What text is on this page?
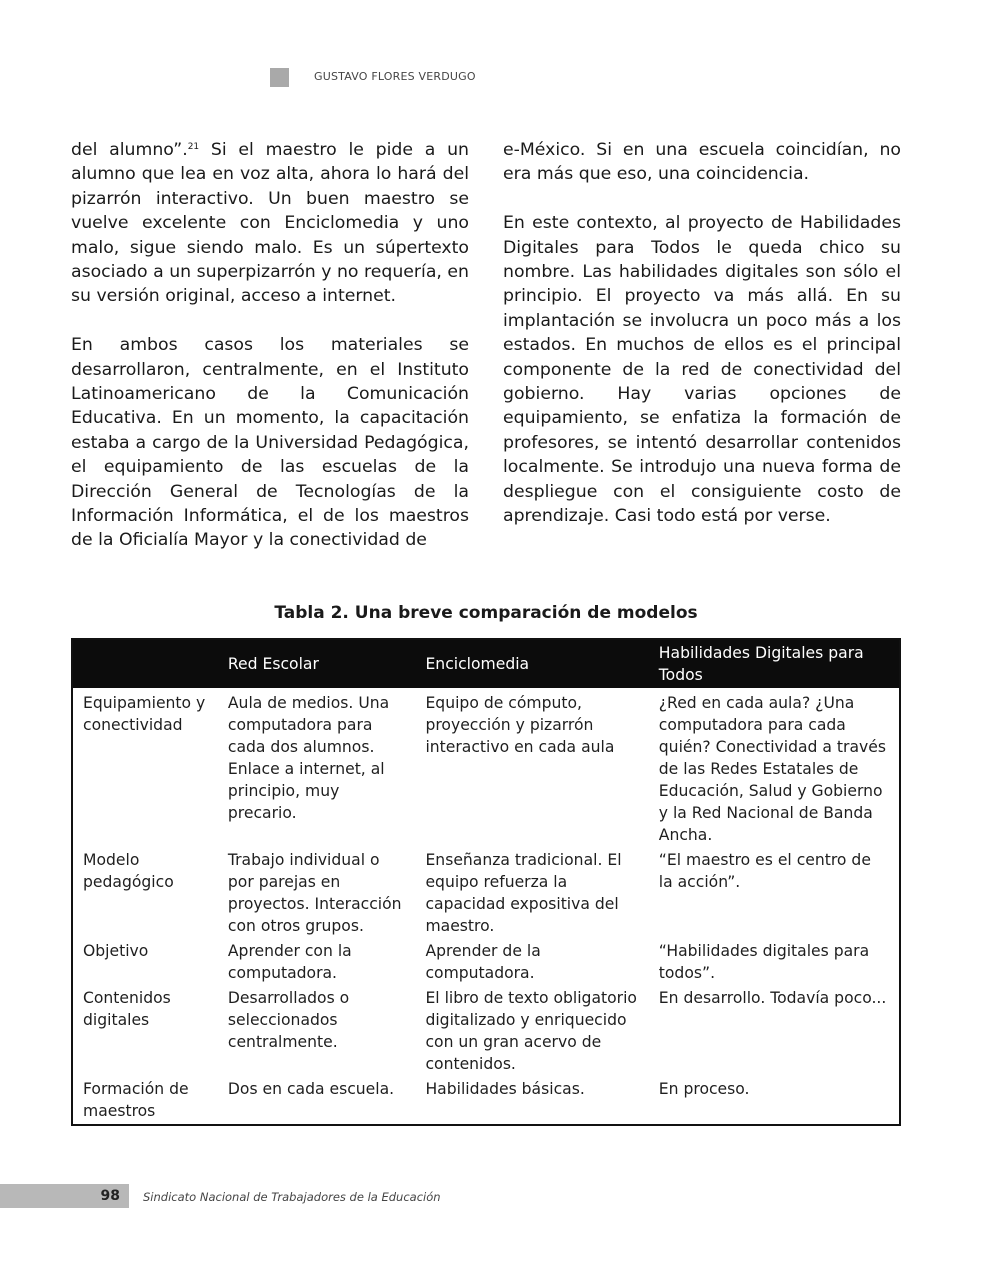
GUSTAVO FLORES VERDUGO

del alumno”.$^{21}$ Si el maestro le pide a un alumno que lea en voz alta, ahora lo hará del pizarrón interactivo. Un buen maestro se vuelve excelente con Enciclomedia y uno malo, sigue siendo malo. Es un súpertexto asociado a un superpizarrón y no requería, en su versión original, acceso a internet.

En ambos casos los materiales se desarrollaron, centralmente, en el Instituto Latinoamericano de la Comunicación Educativa. En un momento, la capacitación estaba a cargo de la Universidad Pedagógica, el equipamiento de las escuelas de la Dirección General de Tecnologías de la Información Informática, el de los maestros de la Oficialía Mayor y la conectividad de

e-México. Si en una escuela coincidían, no era más que eso, una coincidencia.

En este contexto, al proyecto de Habilidades Digitales para Todos le queda chico su nombre. Las habilidades digitales son sólo el principio. El proyecto va más allá. En su implantación se involucra un poco más a los estados. En muchos de ellos es el principal componente de la red de conectividad del gobierno. Hay varias opciones de equipamiento, se enfatiza la formación de profesores, se intentó desarrollar contenidos localmente. Se introdujo una nueva forma de despliegue con el consiguiente costo de aprendizaje. Casi todo está por verse.

Tabla 2. Una breve comparación de modelos
	Red Escolar	Enciclomedia	Habilidades Digitales para Todos
Equipamiento y conectividad	Aula de medios. Una computadora para cada dos alumnos. Enlace a internet, al principio, muy precario.	Equipo de cómputo, proyección y pizarrón interactivo en cada aula	¿Red en cada aula? ¿Una computadora para cada quién? Conectividad a través de las Redes Estatales de Educación, Salud y Gobierno y la Red Nacional de Banda Ancha.
Modelo pedagógico	Trabajo individual o por parejas en proyectos. Interacción con otros grupos.	Enseñanza tradicional. El equipo refuerza la capacidad expositiva del maestro.	“El maestro es el centro de la acción”.
Objetivo	Aprender con la computadora.	Aprender de la computadora.	“Habilidades digitales para todos”.
Contenidos digitales	Desarrollados o seleccionados centralmente.	El libro de texto obligatorio digitalizado y enriquecido con un gran acervo de contenidos.	En desarrollo. Todavía poco...
Formación de maestros	Dos en cada escuela.	Habilidades básicas.	En proceso.
98 Sindicato Nacional de Trabajadores de la Educación
